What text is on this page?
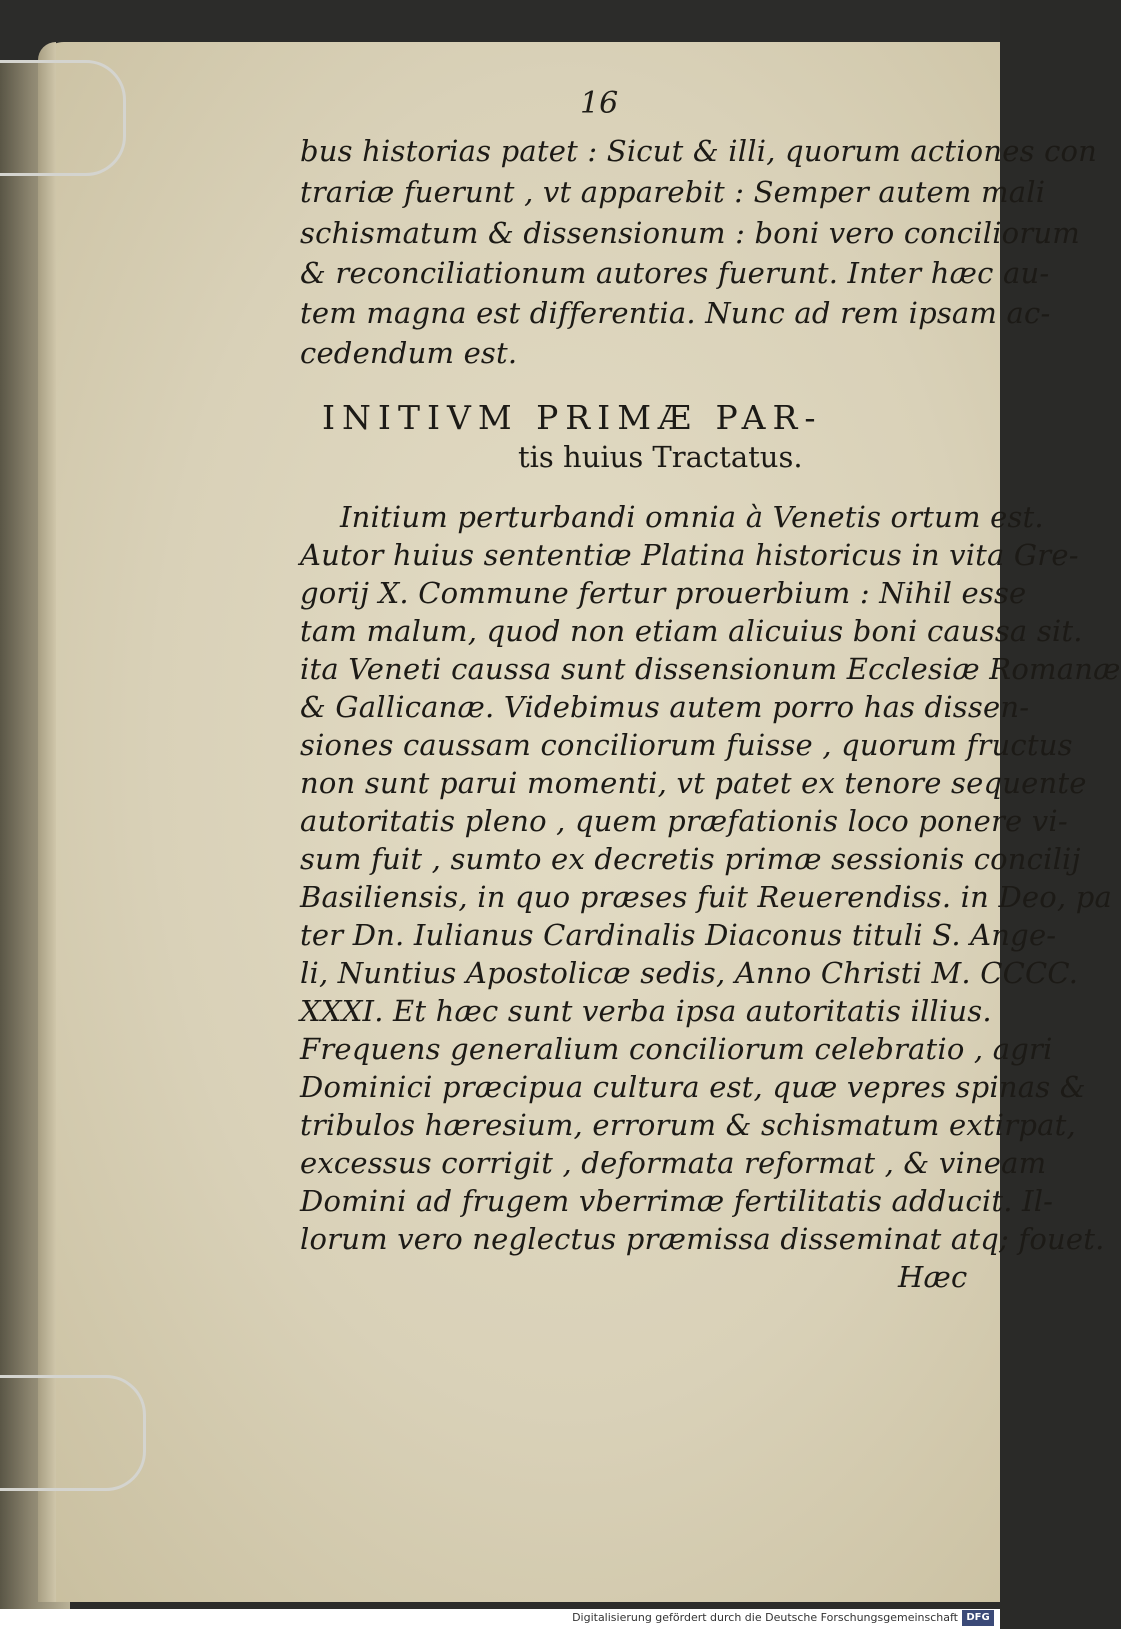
16
bus historias patet : Sicut & illi, quorum actiones con
trariæ fuerunt , vt apparebit : Semper autem mali
schismatum & dissensionum : boni vero conciliorum
& reconciliationum autores fuerunt. Inter hæc au-
tem magna est differentia. Nunc ad rem ipsam ac-
cedendum est.
INITIVM PRIMÆ PAR-
tis huius Tractatus.
Initium perturbandi omnia à Venetis ortum est.
Autor huius sententiæ Platina historicus in vita Gre-
gorij X. Commune fertur prouerbium : Nihil esse
tam malum, quod non etiam alicuius boni caussa sit.
ita Veneti caussa sunt dissensionum Ecclesiæ Romanæ
& Gallicanæ. Videbimus autem porro has dissen-
siones caussam conciliorum fuisse , quorum fructus
non sunt parui momenti, vt patet ex tenore sequente
autoritatis pleno , quem præfationis loco ponere vi-
sum fuit , sumto ex decretis primæ sessionis concilij
Basiliensis, in quo præses fuit Reuerendiss. in Deo, pa
ter Dn. Iulianus Cardinalis Diaconus tituli S. Ange-
li, Nuntius Apostolicæ sedis, Anno Christi M. CCCC.
XXXI. Et hæc sunt verba ipsa autoritatis illius.
Frequens generalium conciliorum celebratio , agri
Dominici præcipua cultura est, quæ vepres spinas &
tribulos hæresium, errorum & schismatum extirpat,
excessus corrigit , deformata reformat , & vineam
Domini ad frugem vberrimæ fertilitatis adducit. Il-
lorum vero neglectus præmissa disseminat atq; fouet.
Hæc
Digitalisierung gefördert durch die Deutsche Forschungsgemeinschaft DFG
